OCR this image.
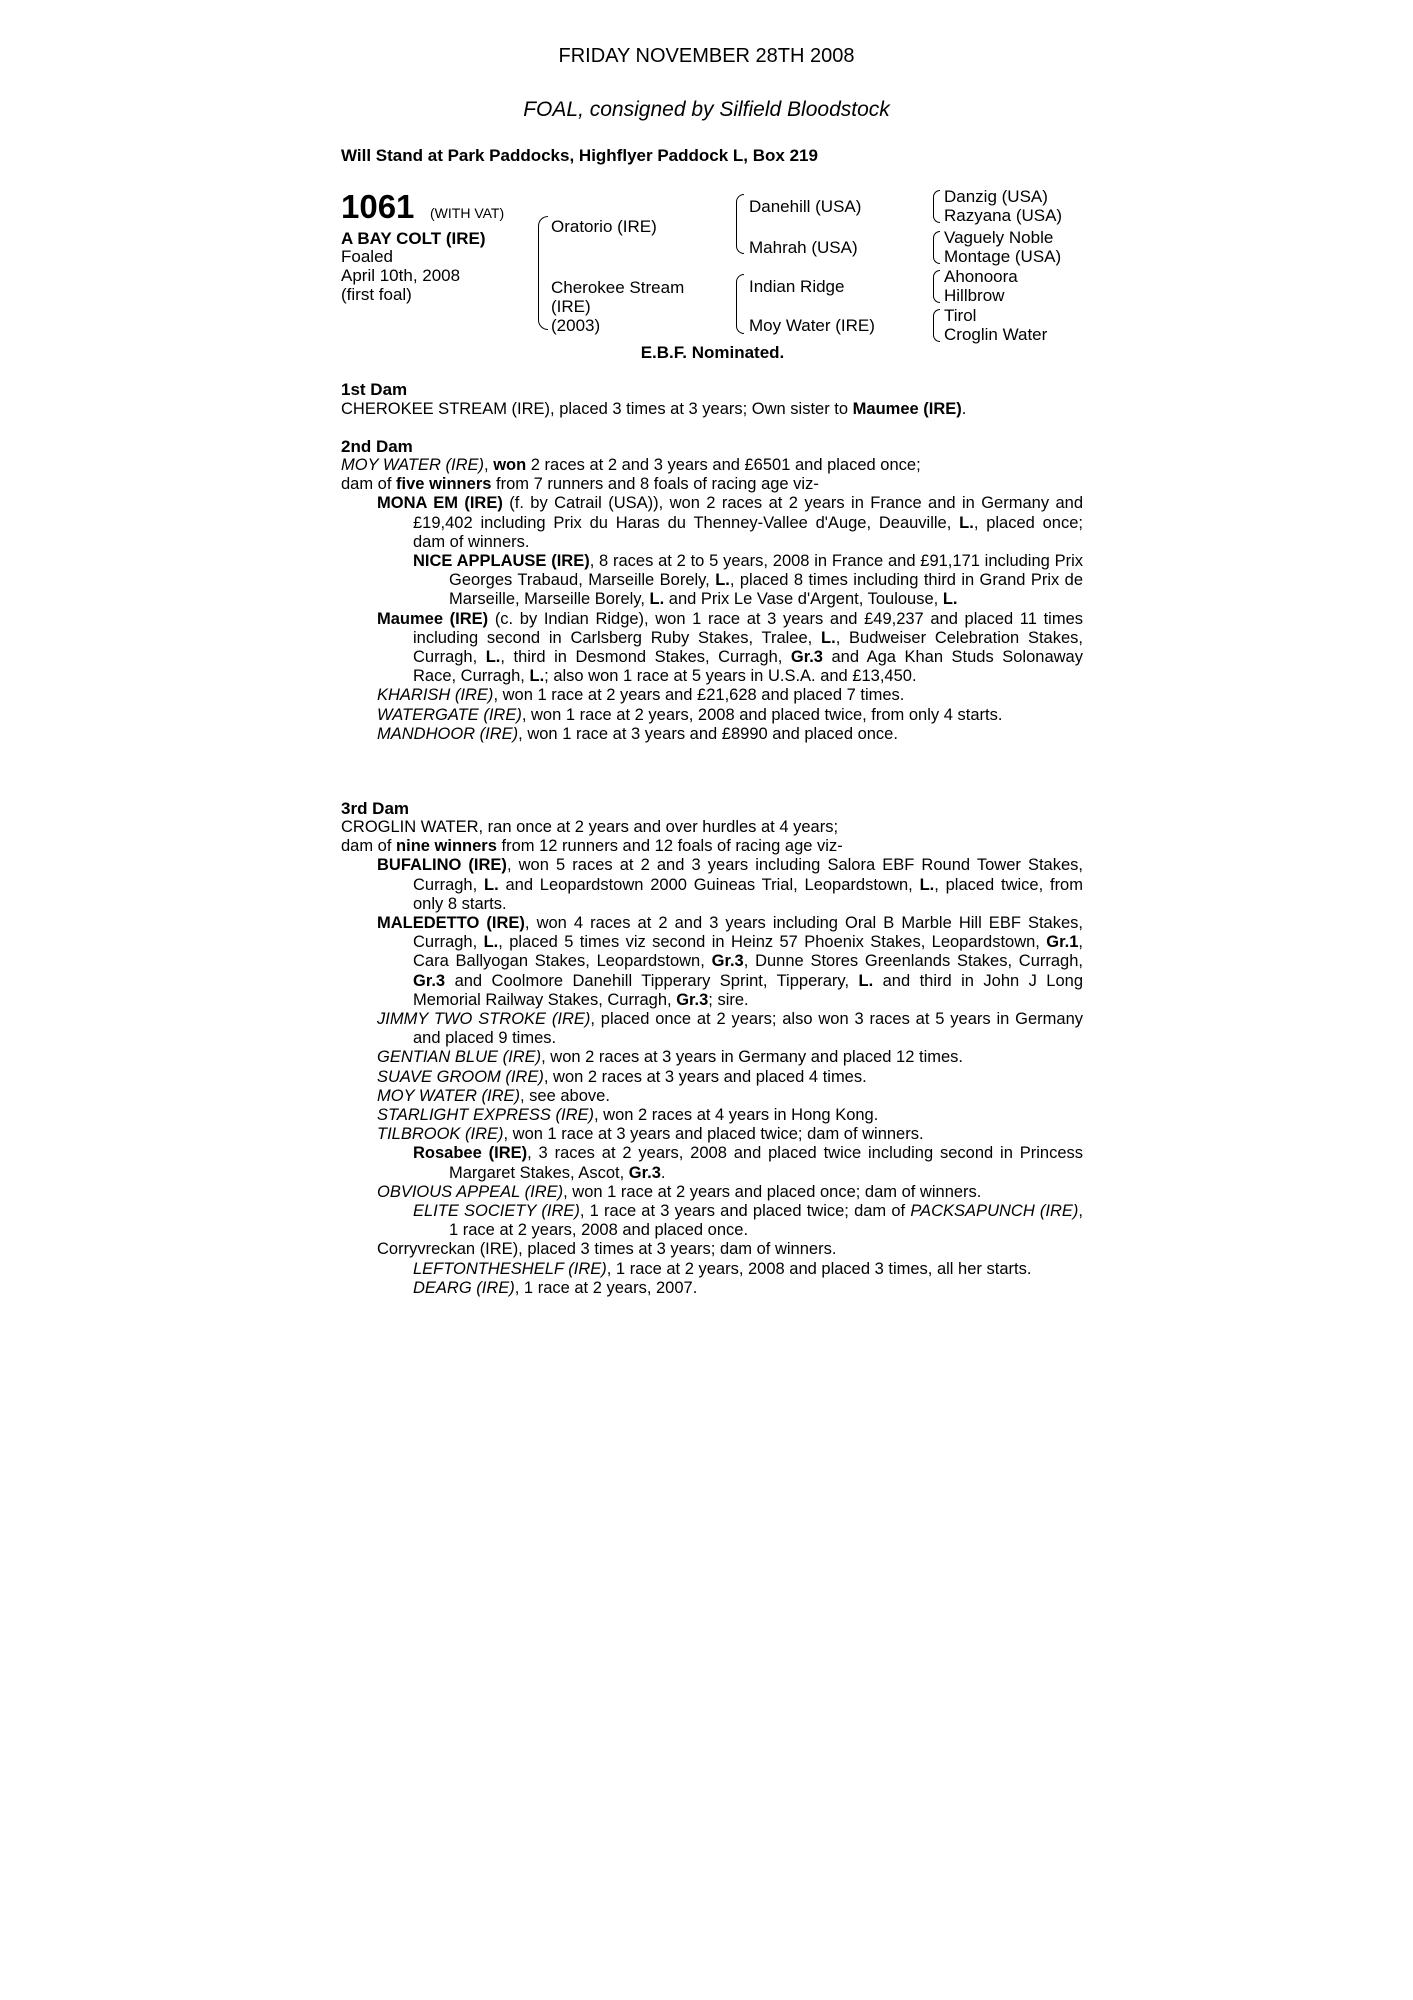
FRIDAY NOVEMBER 28TH 2008
FOAL, consigned by Silfield Bloodstock
Will Stand at Park Paddocks, Highflyer Paddock L, Box 219
1061 (WITH VAT)
A BAY COLT (IRE)
Foaled
April 10th, 2008
(first foal)
Oratorio (IRE)
Cherokee Stream
(IRE)
(2003)
Danehill (USA)
Mahrah (USA)
Indian Ridge
Moy Water (IRE)
Danzig (USA)
Razyana (USA)
Vaguely Noble
Montage (USA)
Ahonoora
Hillbrow
Tirol
Croglin Water
E.B.F. Nominated.
1st Dam

CHEROKEE STREAM (IRE), placed 3 times at 3 years; Own sister to Maumee (IRE).

2nd Dam

MOY WATER (IRE), won 2 races at 2 and 3 years and £6501 and placed once;

dam of five winners from 7 runners and 8 foals of racing age viz-

MONA EM (IRE) (f. by Catrail (USA)), won 2 races at 2 years in France and in Germany and £19,402 including Prix du Haras du Thenney-Vallee d'Auge, Deauville, L., placed once; dam of winners.

NICE APPLAUSE (IRE), 8 races at 2 to 5 years, 2008 in France and £91,171 including Prix Georges Trabaud, Marseille Borely, L., placed 8 times including third in Grand Prix de Marseille, Marseille Borely, L. and Prix Le Vase d'Argent, Toulouse, L.

Maumee (IRE) (c. by Indian Ridge), won 1 race at 3 years and £49,237 and placed 11 times including second in Carlsberg Ruby Stakes, Tralee, L., Budweiser Celebration Stakes, Curragh, L., third in Desmond Stakes, Curragh, Gr.3 and Aga Khan Studs Solonaway Race, Curragh, L.; also won 1 race at 5 years in U.S.A. and £13,450.

KHARISH (IRE), won 1 race at 2 years and £21,628 and placed 7 times.

WATERGATE (IRE), won 1 race at 2 years, 2008 and placed twice, from only 4 starts.

MANDHOOR (IRE), won 1 race at 3 years and £8990 and placed once.

3rd Dam

CROGLIN WATER, ran once at 2 years and over hurdles at 4 years;

dam of nine winners from 12 runners and 12 foals of racing age viz-

BUFALINO (IRE), won 5 races at 2 and 3 years including Salora EBF Round Tower Stakes, Curragh, L. and Leopardstown 2000 Guineas Trial, Leopardstown, L., placed twice, from only 8 starts.

MALEDETTO (IRE), won 4 races at 2 and 3 years including Oral B Marble Hill EBF Stakes, Curragh, L., placed 5 times viz second in Heinz 57 Phoenix Stakes, Leopardstown, Gr.1, Cara Ballyogan Stakes, Leopardstown, Gr.3, Dunne Stores Greenlands Stakes, Curragh, Gr.3 and Coolmore Danehill Tipperary Sprint, Tipperary, L. and third in John J Long Memorial Railway Stakes, Curragh, Gr.3; sire.

JIMMY TWO STROKE (IRE), placed once at 2 years; also won 3 races at 5 years in Germany and placed 9 times.

GENTIAN BLUE (IRE), won 2 races at 3 years in Germany and placed 12 times.

SUAVE GROOM (IRE), won 2 races at 3 years and placed 4 times.

MOY WATER (IRE), see above.

STARLIGHT EXPRESS (IRE), won 2 races at 4 years in Hong Kong.

TILBROOK (IRE), won 1 race at 3 years and placed twice; dam of winners.

Rosabee (IRE), 3 races at 2 years, 2008 and placed twice including second in Princess Margaret Stakes, Ascot, Gr.3.

OBVIOUS APPEAL (IRE), won 1 race at 2 years and placed once; dam of winners.

ELITE SOCIETY (IRE), 1 race at 3 years and placed twice; dam of PACKSAPUNCH (IRE), 1 race at 2 years, 2008 and placed once.

Corryvreckan (IRE), placed 3 times at 3 years; dam of winners.

LEFTONTHESHELF (IRE), 1 race at 2 years, 2008 and placed 3 times, all her starts.

DEARG (IRE), 1 race at 2 years, 2007.
